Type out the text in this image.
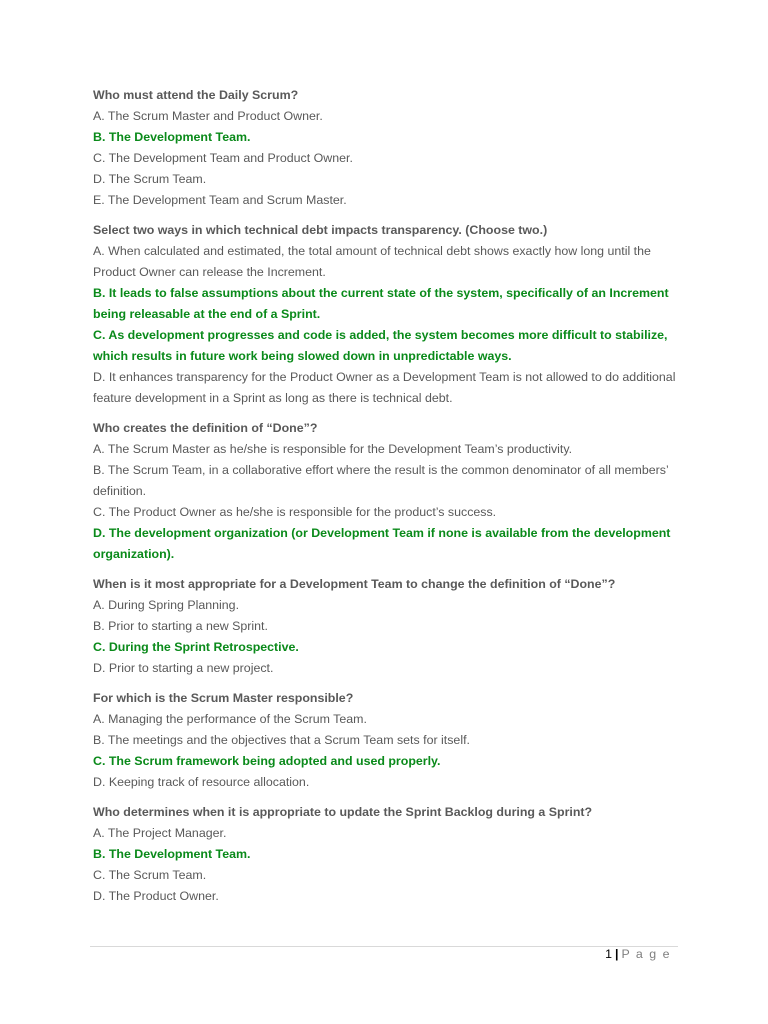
Who must attend the Daily Scrum?
A. The Scrum Master and Product Owner.
B. The Development Team.
C. The Development Team and Product Owner.
D. The Scrum Team.
E. The Development Team and Scrum Master.
Select two ways in which technical debt impacts transparency. (Choose two.)
A. When calculated and estimated, the total amount of technical debt shows exactly how long until the Product Owner can release the Increment.
B. It leads to false assumptions about the current state of the system, specifically of an Increment being releasable at the end of a Sprint.
C. As development progresses and code is added, the system becomes more difficult to stabilize, which results in future work being slowed down in unpredictable ways.
D. It enhances transparency for the Product Owner as a Development Team is not allowed to do additional feature development in a Sprint as long as there is technical debt.
Who creates the definition of “Done”?
A. The Scrum Master as he/she is responsible for the Development Team’s productivity.
B. The Scrum Team, in a collaborative effort where the result is the common denominator of all members’ definition.
C. The Product Owner as he/she is responsible for the product’s success.
D. The development organization (or Development Team if none is available from the development organization).
When is it most appropriate for a Development Team to change the definition of “Done”?
A. During Spring Planning.
B. Prior to starting a new Sprint.
C. During the Sprint Retrospective.
D. Prior to starting a new project.
For which is the Scrum Master responsible?
A. Managing the performance of the Scrum Team.
B. The meetings and the objectives that a Scrum Team sets for itself.
C. The Scrum framework being adopted and used properly.
D. Keeping track of resource allocation.
Who determines when it is appropriate to update the Sprint Backlog during a Sprint?
A. The Project Manager.
B. The Development Team.
C. The Scrum Team.
D. The Product Owner.
1 | P a g e
